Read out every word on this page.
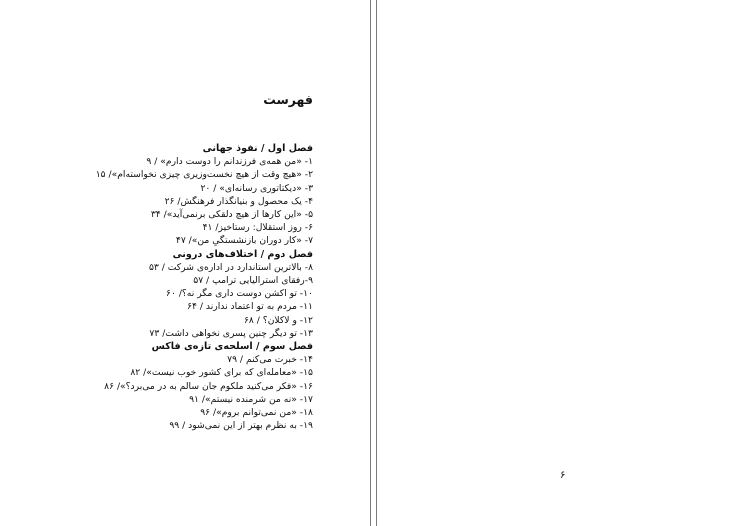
فهرست
فصل اول / نفوذ جهانی
۱- «من همه‌ی فرزندانم را دوست دارم» / ۹
۲- «هیچ وقت از هیچ نخست‌وزیری چیزی نخواسته‌ام»/ ۱۵
۳- «دیکتاتوری رسانه‌ای» / ۲۰
۴- یک محصول و بنیانگذار فرهنگش/ ۲۶
۵- «این کارها از هیچ دلقکی برنمی‌آید»/ ۳۴
۶- روز استقلال: رستاخیز/ ۴۱
۷- «کار دوران بازنشستگیِ من»/ ۴۷
فصل دوم / اختلاف‌های درونی
۸- بالاترین استاندارد در اداره‌ی شرکت / ۵۳
۹-رفقای استرالیایی ترامپ / ۵۷
۱۰- تو اکشن دوست داری مگر نه؟/ ۶۰
۱۱- مردم به تو اعتماد ندارند / ۶۴
۱۲- و لاکلان؟ / ۶۸
۱۳- تو دیگر چنین پسری نخواهی داشت/ ۷۳
فصل سوم / اسلحه‌ی تازه‌ی فاکس
۱۴- خبرت می‌کنم / ۷۹
۱۵- «معامله‌ای که برای کشور خوب نیست»/ ۸۲
۱۶- «فکر می‌کنید ملکوم جان سالم به در می‌برد؟»/ ۸۶
۱۷- «نه من شرمنده نیستم»/ ۹۱
۱۸- «من نمی‌توانم بروم»/ ۹۶
۱۹- به نظرم بهتر از این نمی‌شود / ۹۹
۶
